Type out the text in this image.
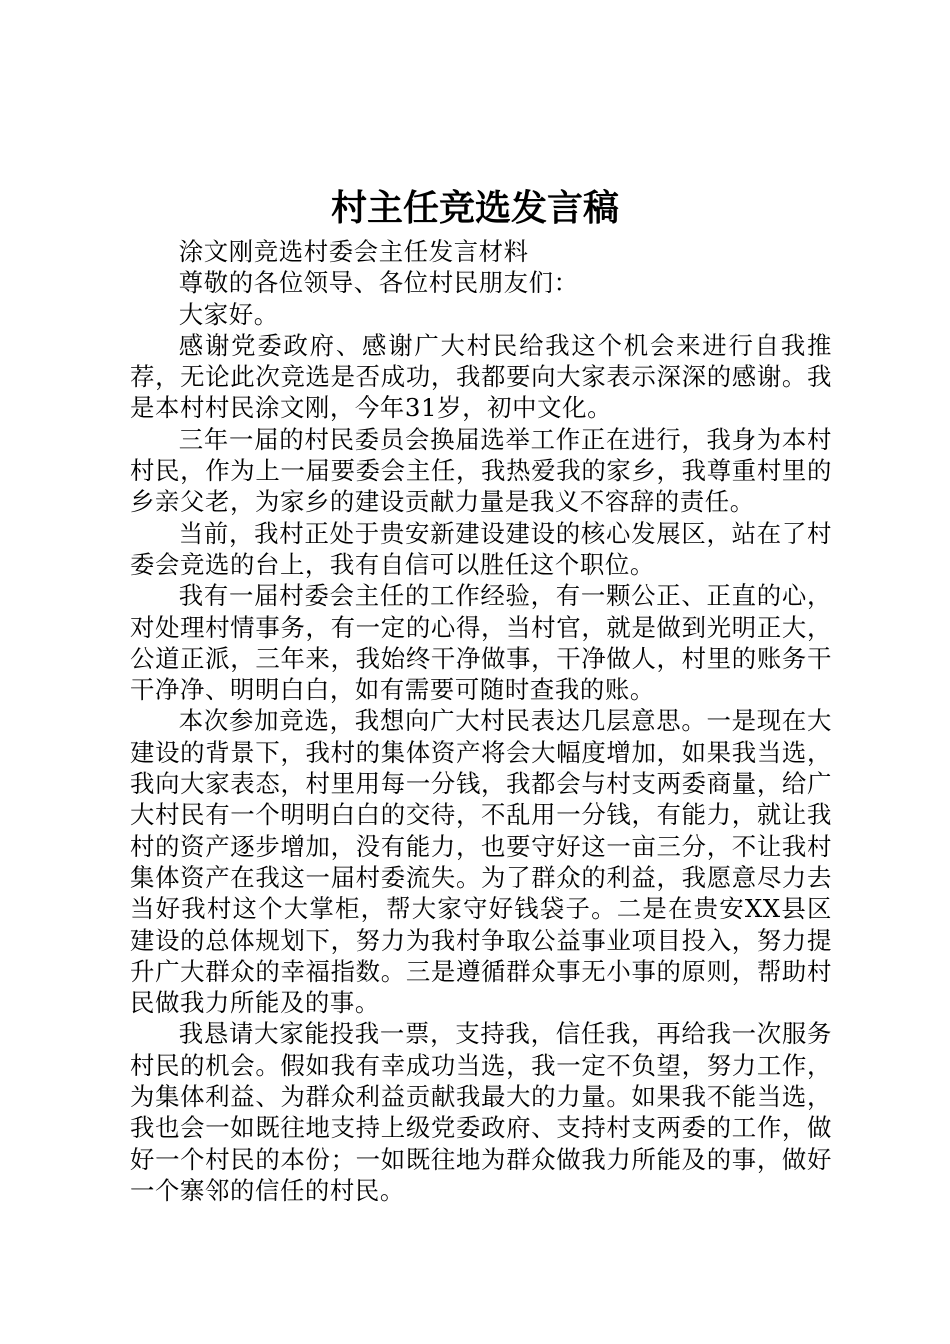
村主任竞选发言稿

涂文刚竞选村委会主任发言材料

尊敬的各位领导、各位村民朋友们：

大家好。

感谢党委政府、感谢广大村民给我这个机会来进行自我推荐，无论此次竞选是否成功，我都要向大家表示深深的感谢。我是本村村民涂文刚，今年31岁，初中文化。

三年一届的村民委员会换届选举工作正在进行，我身为本村村民，作为上一届要委会主任，我热爱我的家乡，我尊重村里的乡亲父老，为家乡的建设贡献力量是我义不容辞的责任。

当前，我村正处于贵安新建设建设的核心发展区，站在了村委会竞选的台上，我有自信可以胜任这个职位。

我有一届村委会主任的工作经验，有一颗公正、正直的心，对处理村情事务，有一定的心得，当村官，就是做到光明正大，公道正派，三年来，我始终干净做事，干净做人，村里的账务干干净净、明明白白，如有需要可随时查我的账。

本次参加竞选，我想向广大村民表达几层意思。一是现在大建设的背景下，我村的集体资产将会大幅度增加，如果我当选，我向大家表态，村里用每一分钱，我都会与村支两委商量，给广大村民有一个明明白白的交待，不乱用一分钱，有能力，就让我村的资产逐步增加，没有能力，也要守好这一亩三分，不让我村集体资产在我这一届村委流失。为了群众的利益，我愿意尽力去当好我村这个大掌柜，帮大家守好钱袋子。二是在贵安XX县区建设的总体规划下，努力为我村争取公益事业项目投入，努力提升广大群众的幸福指数。三是遵循群众事无小事的原则，帮助村民做我力所能及的事。

我恳请大家能投我一票，支持我，信任我，再给我一次服务村民的机会。假如我有幸成功当选，我一定不负望，努力工作，为集体利益、为群众利益贡献我最大的力量。如果我不能当选，我也会一如既往地支持上级党委政府、支持村支两委的工作，做好一个村民的本份；一如既往地为群众做我力所能及的事，做好一个寨邻的信任的村民。
